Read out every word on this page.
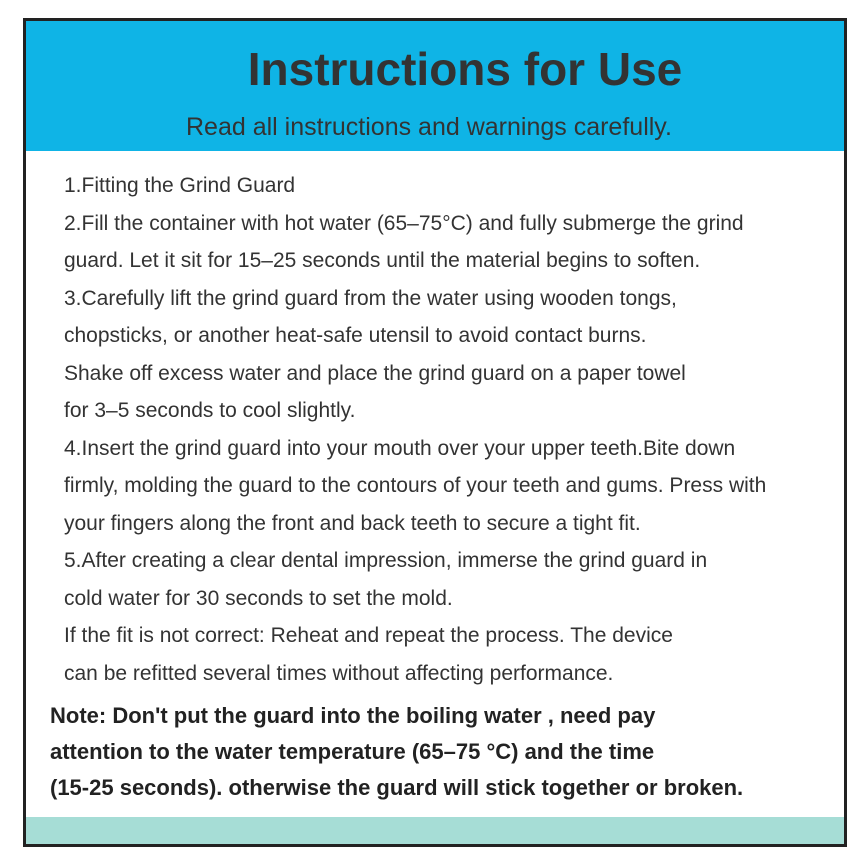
Instructions for Use
Read all instructions and warnings carefully.
1.Fitting the Grind Guard
2.Fill the container with hot water (65–75°C) and fully submerge the grind
guard. Let it sit for 15–25 seconds until the material begins to soften.
3.Carefully lift the grind guard from the water using wooden tongs,
chopsticks, or another heat-safe utensil to avoid contact burns.
Shake off excess water and place the grind guard on a paper towel
for 3–5 seconds to cool slightly.
4.Insert the grind guard into your mouth over your upper teeth.Bite down
firmly, molding the guard to the contours of your teeth and gums. Press with
your fingers along the front and back teeth to secure a tight fit.
5.After creating a clear dental impression, immerse the grind guard in
cold water for 30 seconds to set the mold.
If the fit is not correct: Reheat and repeat the process. The device
can be refitted several times without affecting performance.
Note: Don't put the guard into the boiling water , need pay
attention to the water temperature (65–75 °C) and the time
(15-25 seconds). otherwise the guard will stick together or broken.
